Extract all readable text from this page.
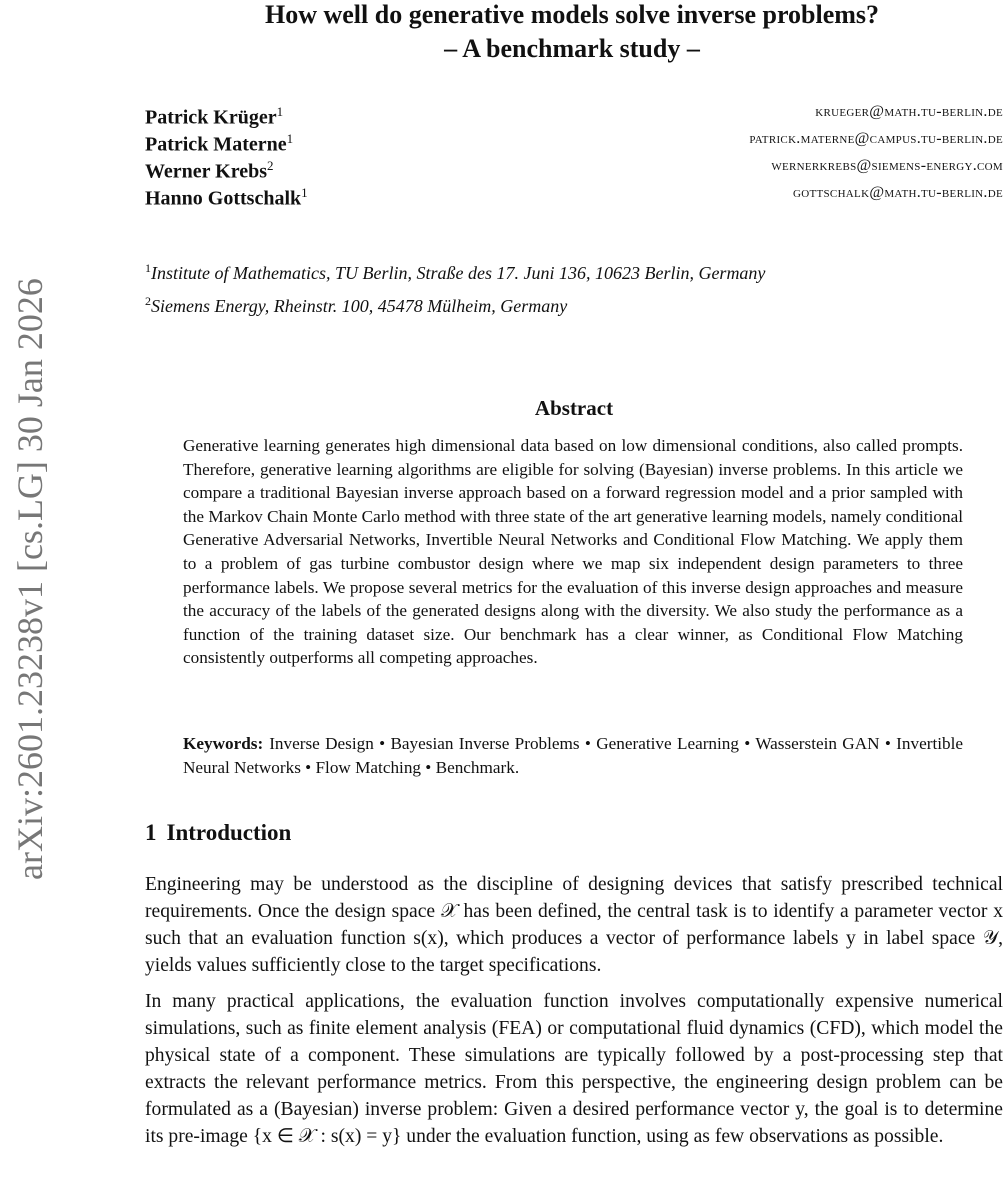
arXiv:2601.23238v1 [cs.LG] 30 Jan 2026
How well do generative models solve inverse problems?
– A benchmark study –
Patrick Krüger$^1$	krueger@math.tu-berlin.de
Patrick Materne$^1$	patrick.materne@campus.tu-berlin.de
Werner Krebs$^2$	wernerkrebs@siemens-energy.com
Hanno Gottschalk$^1$	gottschalk@math.tu-berlin.de
$^1$Institute of Mathematics, TU Berlin, Straße des 17. Juni 136, 10623 Berlin, Germany
$^2$Siemens Energy, Rheinstr. 100, 45478 Mülheim, Germany
Abstract
Generative learning generates high dimensional data based on low dimensional conditions, also called prompts. Therefore, generative learning algorithms are eligible for solving (Bayesian) inverse problems. In this article we compare a traditional Bayesian inverse approach based on a forward regression model and a prior sampled with the Markov Chain Monte Carlo method with three state of the art generative learning models, namely conditional Generative Adversarial Networks, Invertible Neural Networks and Conditional Flow Matching. We apply them to a problem of gas turbine combustor design where we map six independent design parameters to three performance labels. We propose several metrics for the evaluation of this inverse design approaches and measure the accuracy of the labels of the generated designs along with the diversity. We also study the performance as a function of the training dataset size. Our benchmark has a clear winner, as Conditional Flow Matching consistently outperforms all competing approaches.
Keywords: Inverse Design • Bayesian Inverse Problems • Generative Learning • Wasserstein GAN • Invertible Neural Networks • Flow Matching • Benchmark.
1 Introduction

Engineering may be understood as the discipline of designing devices that satisfy prescribed technical requirements. Once the design space 𝒳 has been defined, the central task is to identify a parameter vector x such that an evaluation function s(x), which produces a vector of performance labels y in label space 𝒴, yields values sufficiently close to the target specifications.

In many practical applications, the evaluation function involves computationally expensive numerical simulations, such as finite element analysis (FEA) or computational fluid dynamics (CFD), which model the physical state of a component. These simulations are typically followed by a post-processing step that extracts the relevant performance metrics. From this perspective, the engineering design problem can be formulated as a (Bayesian) inverse problem: Given a desired performance vector y, the goal is to determine its pre-image {x ∈ 𝒳 : s(x) = y} under the evaluation function, using as few observations as possible.
